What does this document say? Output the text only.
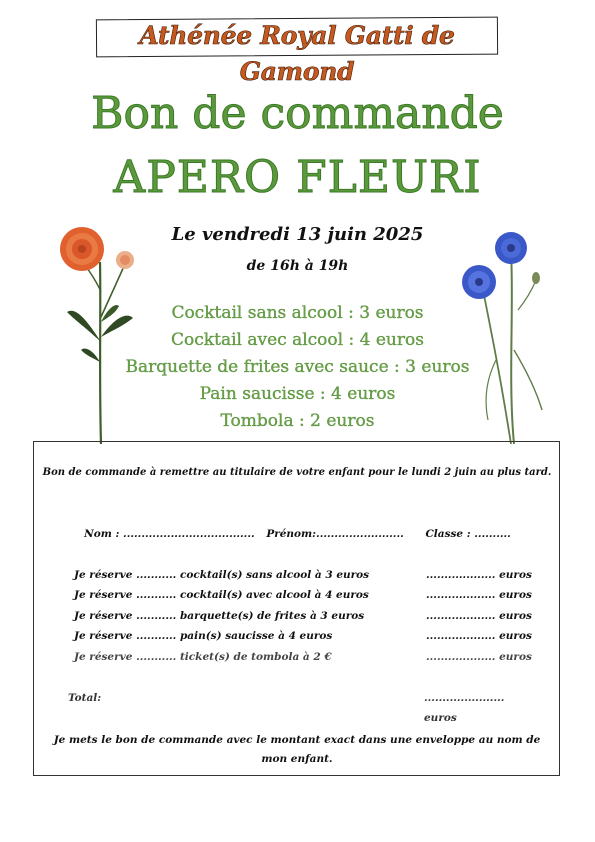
Athénée Royal Gatti de Gamond
Bon de commande
APERO FLEURI
Le vendredi 13 juin 2025
de 16h à 19h
Cocktail sans alcool : 3 euros
Cocktail avec alcool : 4 euros
Barquette de frites avec sauce : 3 euros
Pain saucisse : 4 euros
Tombola : 2 euros
Bon de commande à remettre au titulaire de votre enfant pour le lundi 2 juin au plus tard.
Nom : .................................... Prénom:........................ Classe : ..........
Je réserve ........... cocktail(s) sans alcool à 3 euros	................... euros
Je réserve ........... cocktail(s) avec alcool à 4 euros	................... euros
Je réserve ........... barquette(s) de frites à 3 euros	................... euros
Je réserve ........... pain(s) saucisse à 4 euros	................... euros
Je réserve ........... ticket(s) de tombola à 2 €	................... euros
Total:	...................... euros
Je mets le bon de commande avec le montant exact dans une enveloppe au nom de mon enfant.
